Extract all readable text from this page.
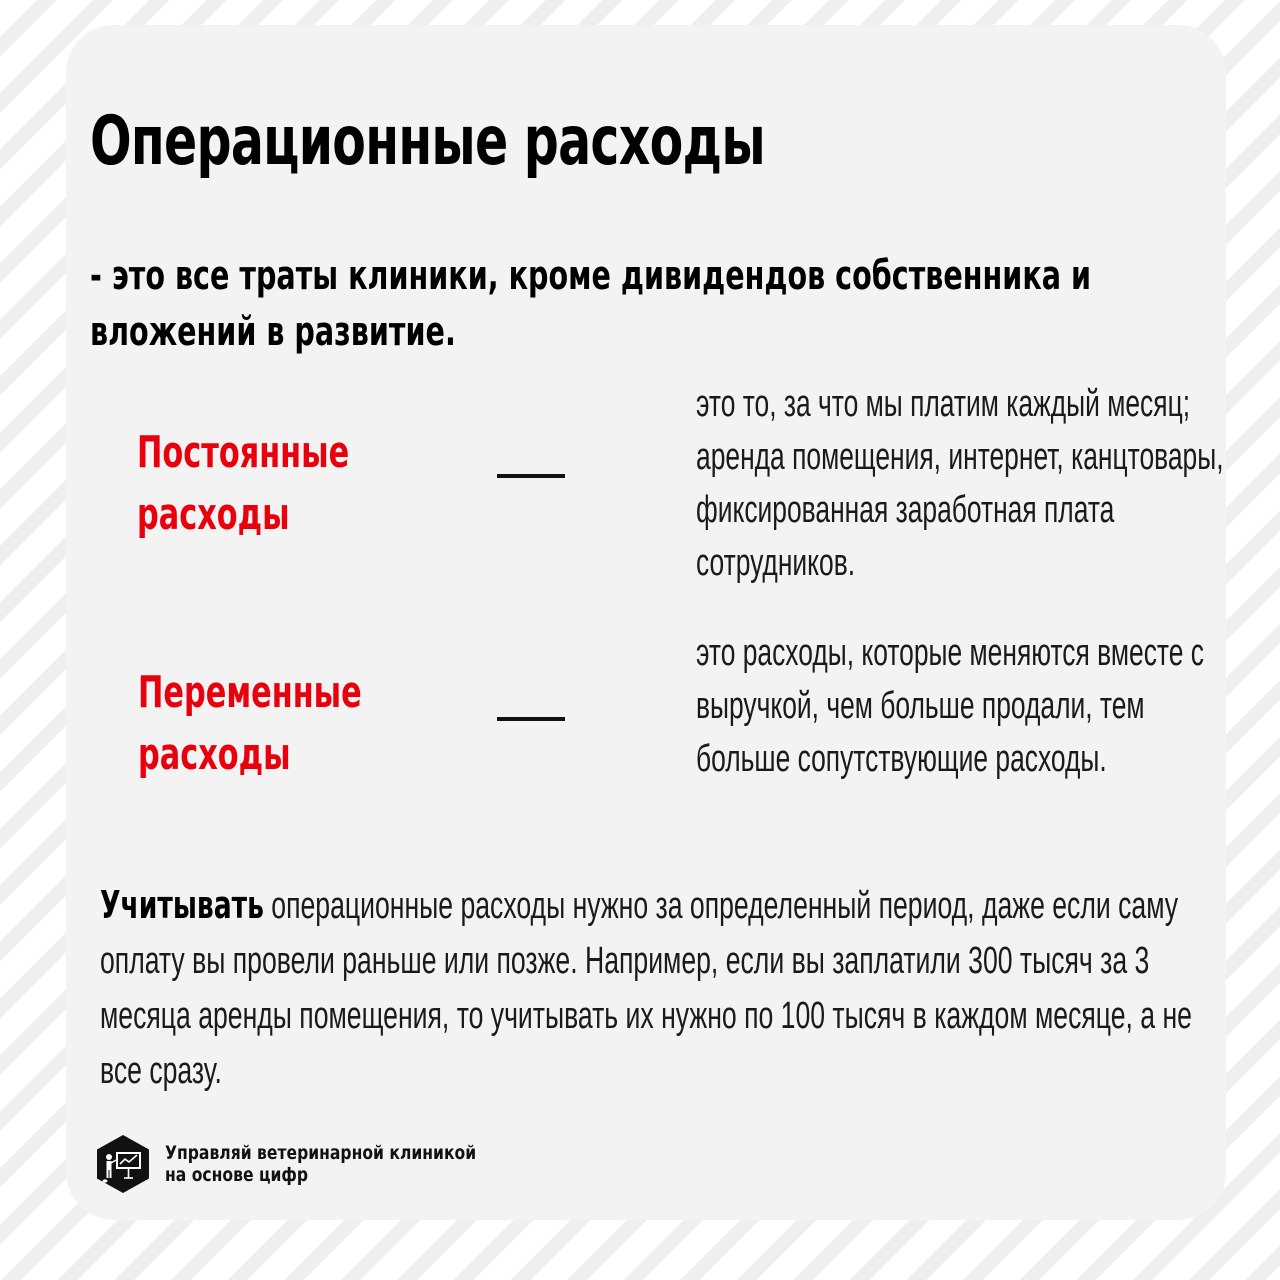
Операционные расходы

- это все траты клиники, кроме дивидендов собственника и вложений в развитие.

Постоянные расходы

это то, за что мы платим каждый месяц; аренда помещения, интернет, канцтовары, фиксированная заработная плата сотрудников.

Переменные расходы

это расходы, которые меняются вместе с выручкой, чем больше продали, тем больше сопутствующие расходы.

Учитывать операционные расходы нужно за определенный период, даже если саму оплату вы провели раньше или позже. Например, если вы заплатили 300 тысяч за 3 месяца аренды помещения, то учитывать их нужно по 100 тысяч в каждом месяце, а не все сразу.

Управляй ветеринарной клиникой
на основе цифр
